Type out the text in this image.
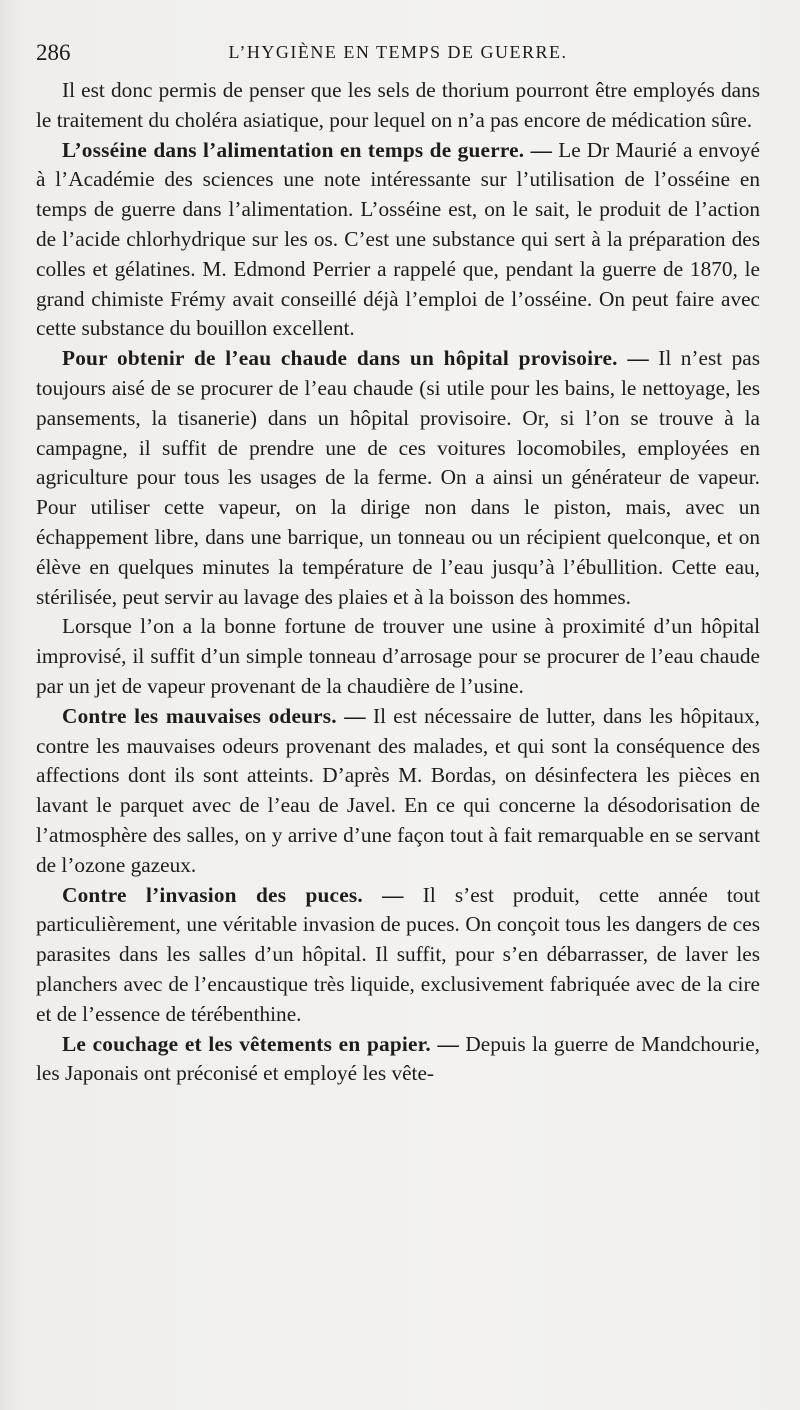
286	L’HYGIÈNE EN TEMPS DE GUERRE.

Il est donc permis de penser que les sels de thorium pourront être employés dans le traitement du choléra asiatique, pour lequel on n’a pas encore de médication sûre.

L’osséine dans l’alimentation en temps de guerre. — Le Dr Maurié a envoyé à l’Académie des sciences une note intéressante sur l’utilisation de l’osséine en temps de guerre dans l’alimentation. L’osséine est, on le sait, le produit de l’action de l’acide chlorhydrique sur les os. C’est une substance qui sert à la préparation des colles et gélatines. M. Edmond Perrier a rappelé que, pendant la guerre de 1870, le grand chimiste Frémy avait conseillé déjà l’emploi de l’osséine. On peut faire avec cette substance du bouillon excellent.

Pour obtenir de l’eau chaude dans un hôpital provisoire. — Il n’est pas toujours aisé de se procurer de l’eau chaude (si utile pour les bains, le nettoyage, les pansements, la tisanerie) dans un hôpital provisoire. Or, si l’on se trouve à la campagne, il suffit de prendre une de ces voitures locomobiles, employées en agriculture pour tous les usages de la ferme. On a ainsi un générateur de vapeur. Pour utiliser cette vapeur, on la dirige non dans le piston, mais, avec un échappement libre, dans une barrique, un tonneau ou un récipient quelconque, et on élève en quelques minutes la température de l’eau jusqu’à l’ébullition. Cette eau, stérilisée, peut servir au lavage des plaies et à la boisson des hommes.

Lorsque l’on a la bonne fortune de trouver une usine à proximité d’un hôpital improvisé, il suffit d’un simple tonneau d’arrosage pour se procurer de l’eau chaude par un jet de vapeur provenant de la chaudière de l’usine.

Contre les mauvaises odeurs. — Il est nécessaire de lutter, dans les hôpitaux, contre les mauvaises odeurs provenant des malades, et qui sont la conséquence des affections dont ils sont atteints. D’après M. Bordas, on désinfectera les pièces en lavant le parquet avec de l’eau de Javel. En ce qui concerne la désodorisation de l’atmosphère des salles, on y arrive d’une façon tout à fait remarquable en se servant de l’ozone gazeux.

Contre l’invasion des puces. — Il s’est produit, cette année tout particulièrement, une véritable invasion de puces. On conçoit tous les dangers de ces parasites dans les salles d’un hôpital. Il suffit, pour s’en débarrasser, de laver les planchers avec de l’encaustique très liquide, exclusivement fabriquée avec de la cire et de l’essence de térébenthine.

Le couchage et les vêtements en papier. — Depuis la guerre de Mandchourie, les Japonais ont préconisé et employé les vête-
